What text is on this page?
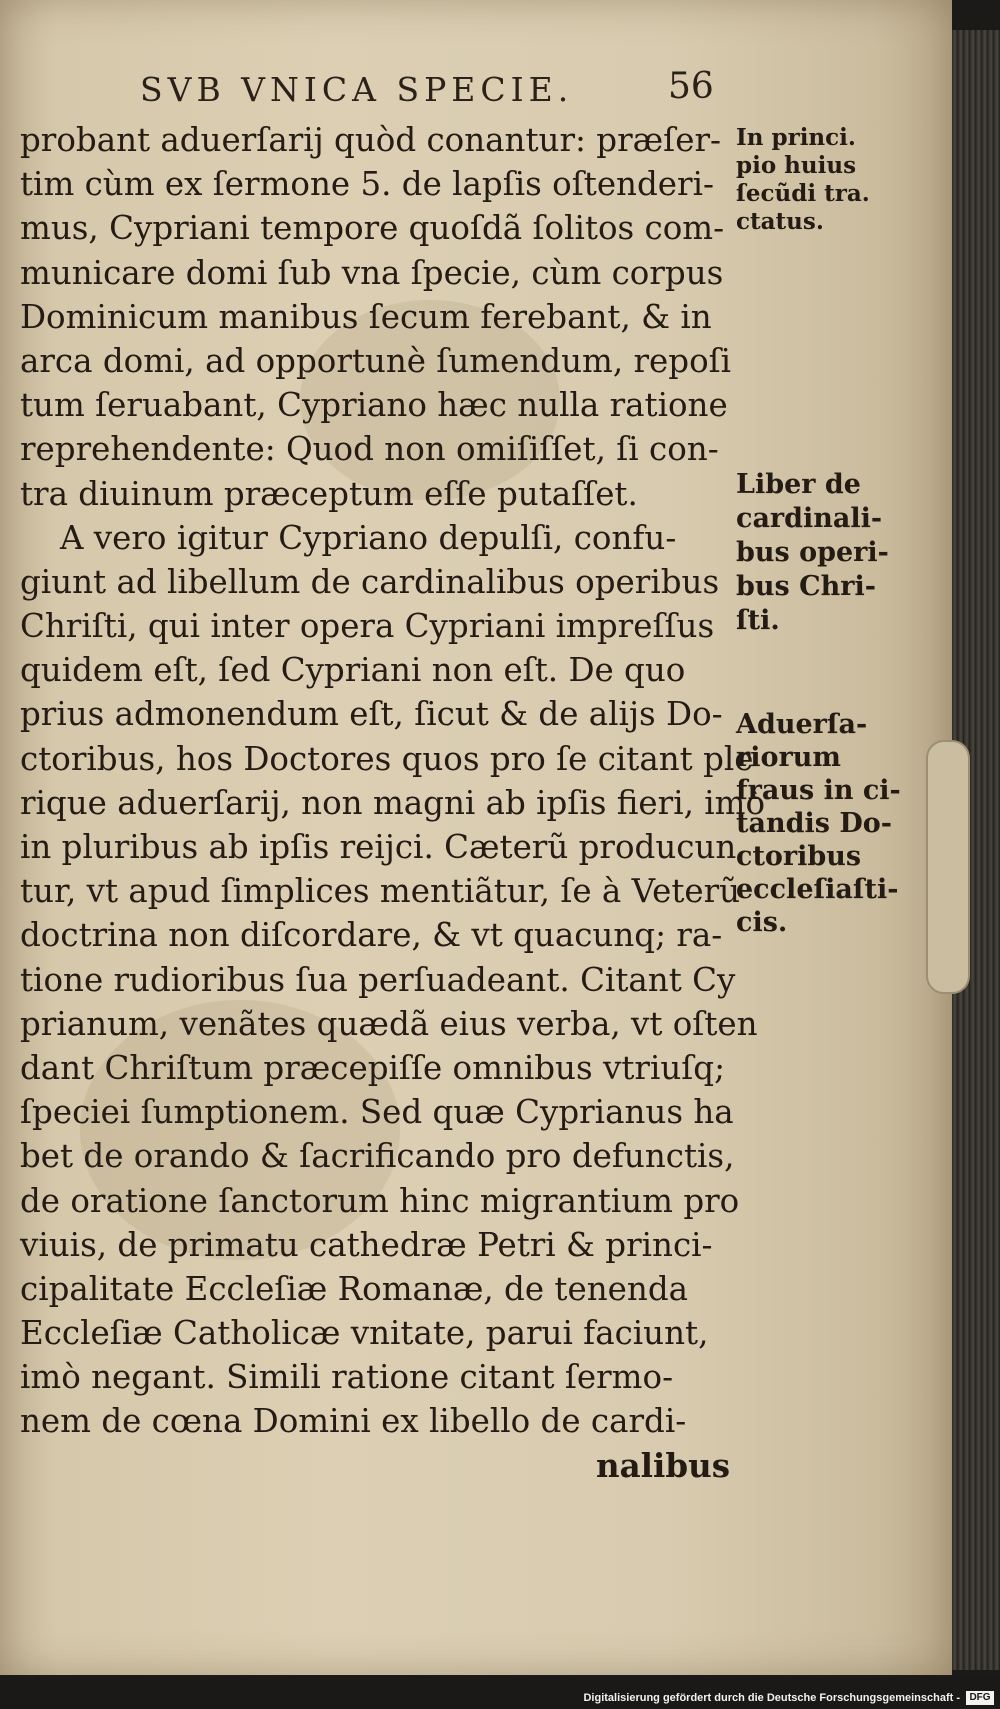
SVB VNICA SPECIE.	56
probant aduerſarij quòd conantur: præſer-
tim cùm ex ſermone 5. de lapſis oſtenderi-
mus, Cypriani tempore quoſdã ſolitos com-
municare domi ſub vna ſpecie, cùm corpus
Dominicum manibus ſecum ferebant, & in
arca domi, ad opportunè ſumendum, repoſi
tum ſeruabant, Cypriano hæc nulla ratione
reprehendente: Quod non omiſiſſet, ſi con-
tra diuinum præceptum eſſe putaſſet.
A vero igitur Cypriano depulſi, confu-
giunt ad libellum de cardinalibus operibus
Chriſti, qui inter opera Cypriani impreſſus
quidem eſt, ſed Cypriani non eſt. De quo
prius admonendum eſt, ſicut & de alijs Do-
ctoribus, hos Doctores quos pro ſe citant ple
rique aduerſarij, non magni ab ipſis fieri, imò
in pluribus ab ipſis reijci. Cæterũ producun
tur, vt apud ſimplices mentiãtur, ſe à Veterũ
doctrina non diſcordare, & vt quacunq; ra-
tione rudioribus ſua perſuadeant. Citant Cy
prianum, venãtes quædã eius verba, vt oſten
dant Chriſtum præcepiſſe omnibus vtriuſq;
ſpeciei ſumptionem. Sed quæ Cyprianus ha
bet de orando & ſacrificando pro defunctis,
de oratione ſanctorum hinc migrantium pro
viuis, de primatu cathedræ Petri & princi-
cipalitate Eccleſiæ Romanæ, de tenenda
Eccleſiæ Catholicæ vnitate, parui faciunt,
imò negant. Simili ratione citant ſermo-
nem de cœna Domini ex libello de cardi-
nalibus
In princi.
pio huius
ſecũdi tra.
ctatus.
Liber de
cardinali-
bus operi-
bus Chri-
ſti.
Aduerſa-
riorum
fraus in ci-
tandis Do-
ctoribus
eccleſiaſti-
cis.
Digitalisierung gefördert durch die Deutsche Forschungsgemeinschaft - DFG
